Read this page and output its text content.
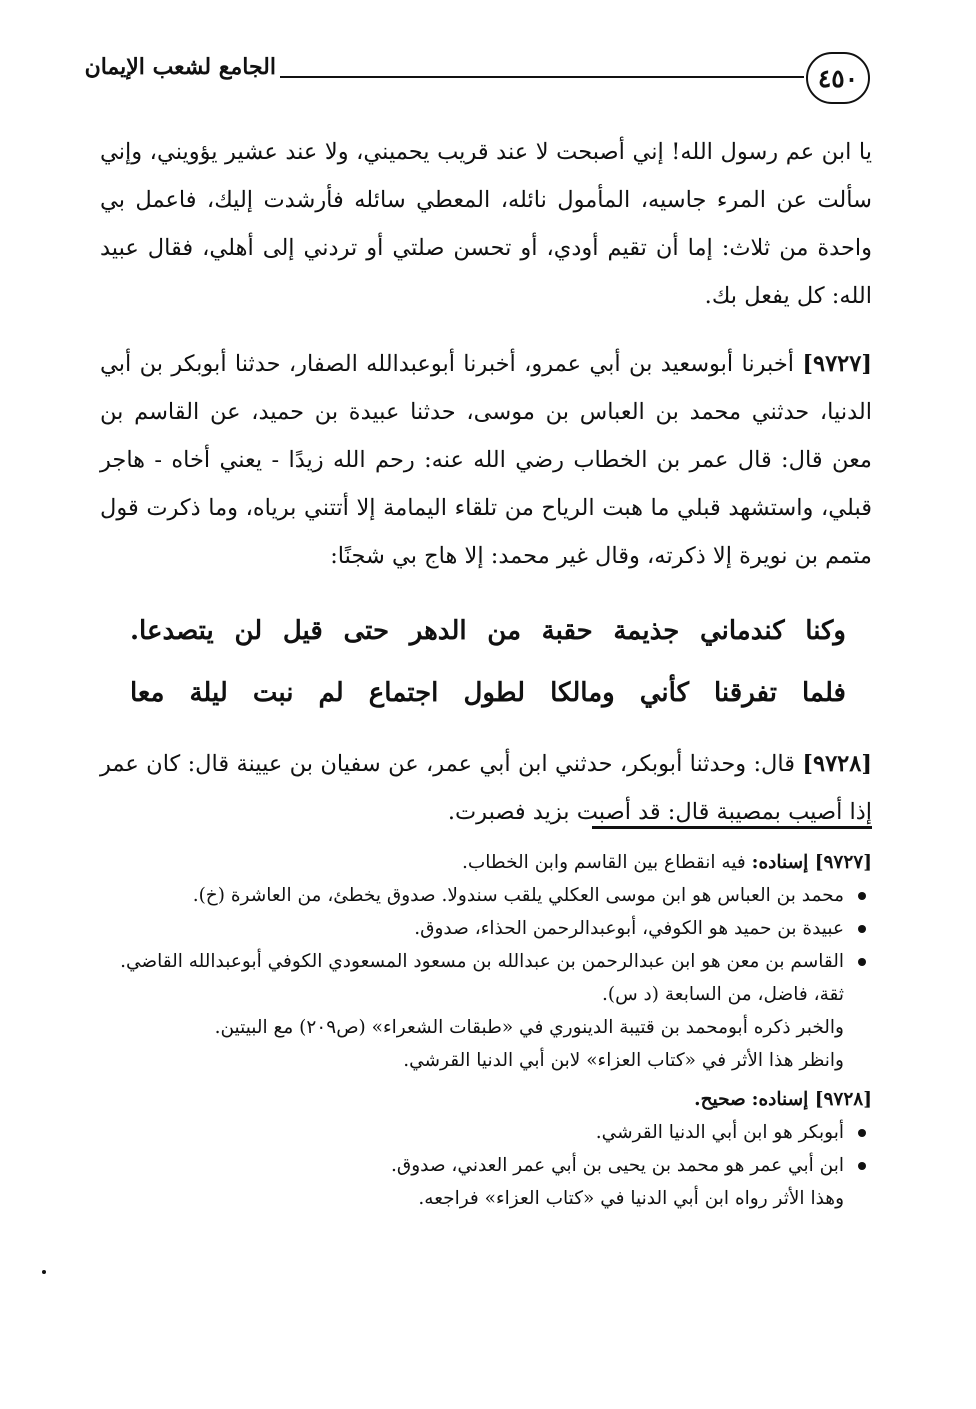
٤٥٠
الجامع لشعب الإيمان

يا ابن عم رسول الله! إني أصبحت لا عند قريب يحميني، ولا عند عشير يؤويني، وإني سألت عن المرء جاسيه، المأمول نائله، المعطي سائله فأرشدت إليك، فاعمل بي واحدة من ثلاث: إما أن تقيم أودي، أو تحسن صلتي أو تردني إلى أهلي، فقال عبيد الله: كل يفعل بك.

[٩٧٢٧] أخبرنا أبوسعيد بن أبي عمرو، أخبرنا أبوعبدالله الصفار، حدثنا أبوبكر بن أبي الدنيا، حدثني محمد بن العباس بن موسى، حدثنا عبيدة بن حميد، عن القاسم بن معن قال: قال عمر بن الخطاب رضي الله عنه: رحم الله زيدًا - يعني أخاه - هاجر قبلي، واستشهد قبلي ما هبت الرياح من تلقاء اليمامة إلا أتتني برياه، وما ذكرت قول متمم بن نويرة إلا ذكرته، وقال غير محمد: إلا هاج بي شجنًا:

وكنا كندماني جذيمة حقبة من الدهر حتى قيل لن يتصدعا.
فلما تفرقنا كأني ومالكا لطول اجتماع لم نبت ليلة معا

[٩٧٢٨] قال: وحدثنا أبوبكر، حدثني ابن أبي عمر، عن سفيان بن عيينة قال: كان عمر إذا أصيب بمصيبة قال: قد أصبت بزيد فصبرت.

[٩٧٢٧] إسناده: فيه انقطاع بين القاسم وابن الخطاب.

محمد بن العباس هو ابن موسى العكلي يلقب سندولا. صدوق يخطئ، من العاشرة (خ).
عبيدة بن حميد هو الكوفي، أبوعبدالرحمن الحذاء، صدوق.
القاسم بن معن هو ابن عبدالرحمن بن عبدالله بن مسعود المسعودي الكوفي أبوعبدالله القاضي. ثقة، فاضل، من السابعة (د س).

والخبر ذكره أبومحمد بن قتيبة الدينوري في «طبقات الشعراء» (ص٢٠٩) مع البيتين.

وانظر هذا الأثر في «كتاب العزاء» لابن أبي الدنيا القرشي.

[٩٧٢٨] إسناده: صحيح.

أبوبكر هو ابن أبي الدنيا القرشي.
ابن أبي عمر هو محمد بن يحيى بن أبي عمر العدني، صدوق.

وهذا الأثر رواه ابن أبي الدنيا في «كتاب العزاء» فراجعه.
